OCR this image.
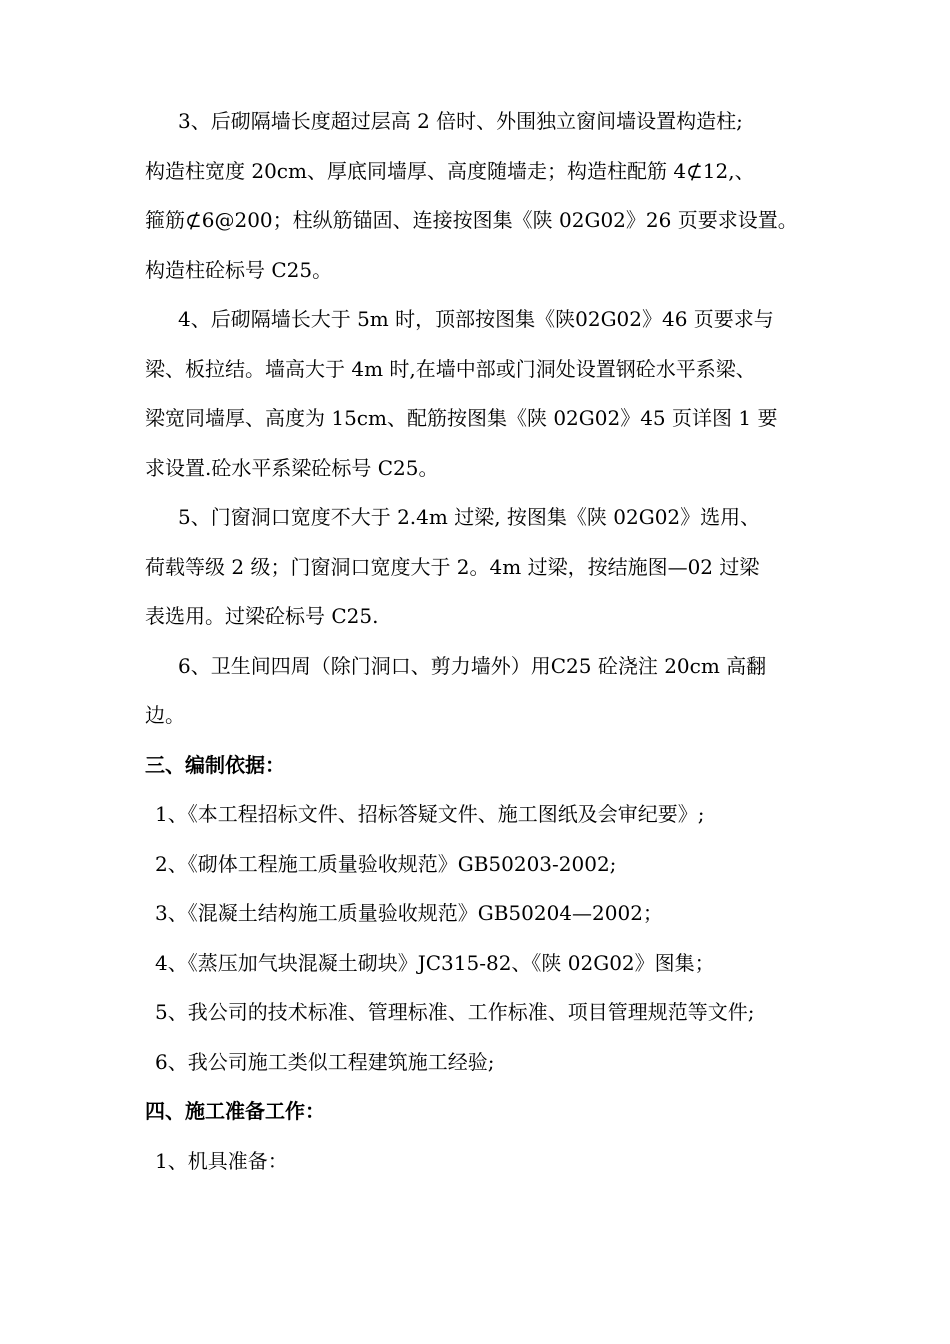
3、后砌隔墙长度超过层高 2 倍时、外围独立窗间墙设置构造柱;
构造柱宽度 20cm、厚底同墙厚、高度随墙走；构造柱配筋 4⊄12,、
箍筋⊄6@200；柱纵筋锚固、连接按图集《陕 02G02》26 页要求设置。
构造柱砼标号 C25。
4、后砌隔墙长大于 5m 时，顶部按图集《陕02G02》46 页要求与
梁、板拉结。墙高大于 4m 时,在墙中部或门洞处设置钢砼水平系梁、
梁宽同墙厚、高度为 15cm、配筋按图集《陕 02G02》45 页详图 1 要
求设置.砼水平系梁砼标号 C25。
5、门窗洞口宽度不大于 2.4m 过梁, 按图集《陕 02G02》选用、
荷载等级 2 级；门窗洞口宽度大于 2。4m 过梁，按结施图—02 过梁
表选用。过梁砼标号 C25.
6、卫生间四周（除门洞口、剪力墙外）用C25 砼浇注 20cm 高翻
边。
三、编制依据：
1、《本工程招标文件、招标答疑文件、施工图纸及会审纪要》;
2、《砌体工程施工质量验收规范》GB50203-2002;
3、《混凝土结构施工质量验收规范》GB50204—2002；
4、《蒸压加气块混凝土砌块》JC315-82、《陕 02G02》图集；
5、我公司的技术标准、管理标准、工作标准、项目管理规范等文件;
6、我公司施工类似工程建筑施工经验;
四、施工准备工作：
1、机具准备：
